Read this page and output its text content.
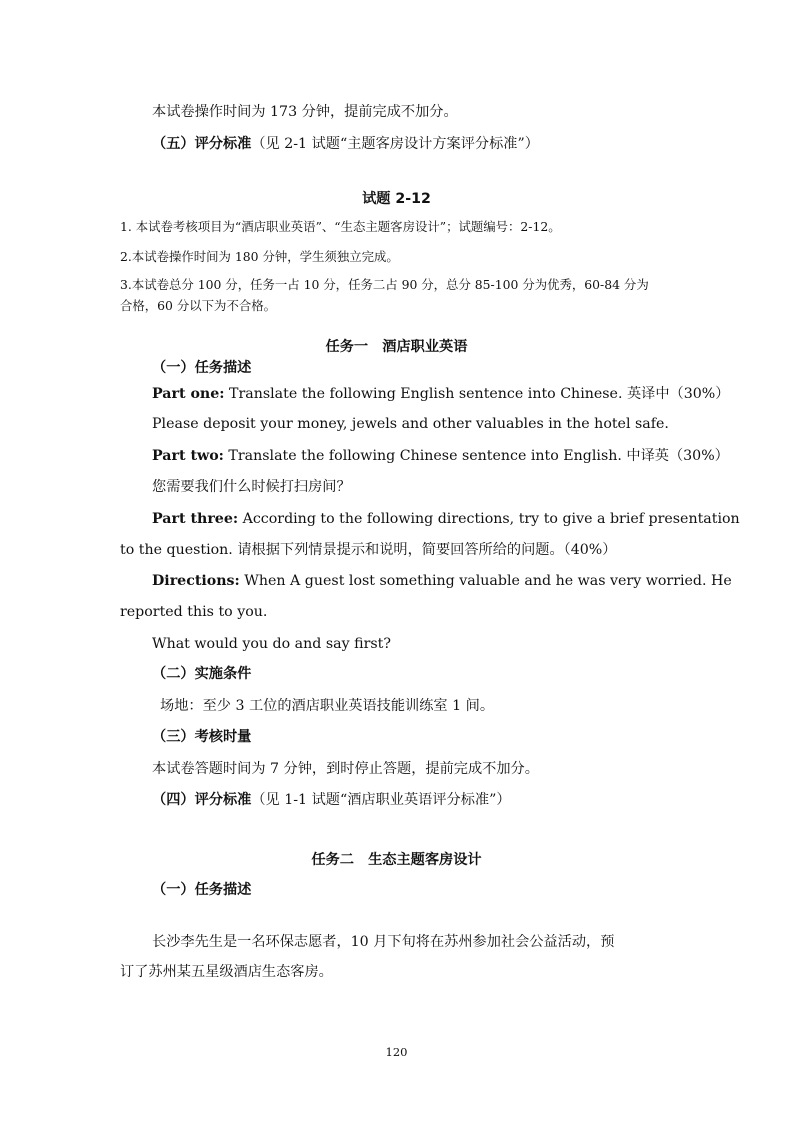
本试卷操作时间为 173 分钟，提前完成不加分。
（五）评分标准（见 2-1 试题“主题客房设计方案评分标准”）
试题 2-12
1. 本试卷考核项目为“酒店职业英语”、“生态主题客房设计”；试题编号：2-12。
2.本试卷操作时间为 180 分钟，学生须独立完成。
3.本试卷总分 100 分，任务一占 10 分，任务二占 90 分，总分 85-100 分为优秀，60-84 分为
合格，60 分以下为不合格。
任务一　酒店职业英语
（一）任务描述
Part one: Translate the following English sentence into Chinese. 英译中（30%）
Please deposit your money, jewels and other valuables in the hotel safe.
Part two: Translate the following Chinese sentence into English. 中译英（30%）
您需要我们什么时候打扫房间？
Part three: According to the following directions, try to give a brief presentation
to the question. 请根据下列情景提示和说明，简要回答所给的问题。（40%）
Directions: When A guest lost something valuable and he was very worried. He
reported this to you.
What would you do and say first?
（二）实施条件
场地：至少 3 工位的酒店职业英语技能训练室 1 间。
（三）考核时量
本试卷答题时间为 7 分钟，到时停止答题，提前完成不加分。
（四）评分标准（见 1-1 试题“酒店职业英语评分标准”）
任务二　生态主题客房设计
（一）任务描述
长沙李先生是一名环保志愿者，10 月下旬将在苏州参加社会公益活动，预
订了苏州某五星级酒店生态客房。
120
